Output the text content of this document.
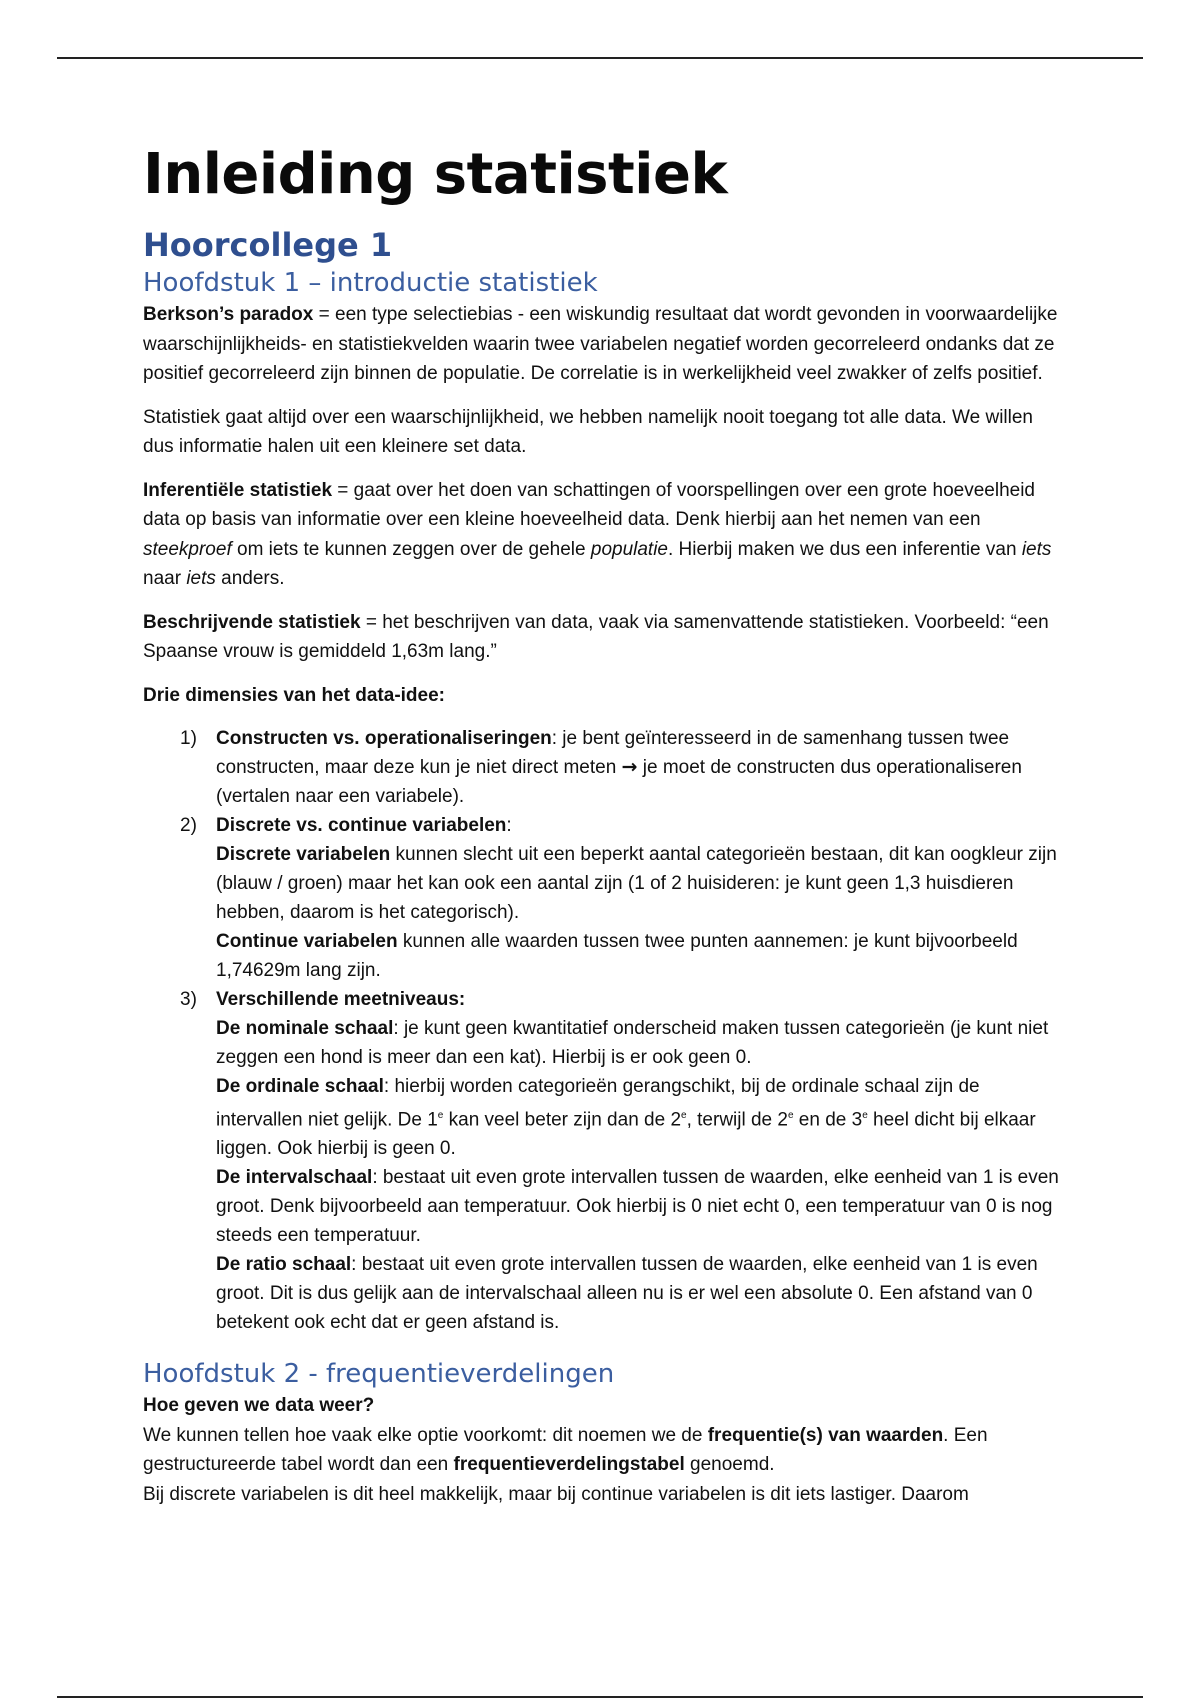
Inleiding statistiek
Hoorcollege 1
Hoofdstuk 1 – introductie statistiek

Berkson’s paradox = een type selectiebias - een wiskundig resultaat dat wordt gevonden in voorwaardelijke waarschijnlijkheids- en statistiekvelden waarin twee variabelen negatief worden gecorreleerd ondanks dat ze positief gecorreleerd zijn binnen de populatie. De correlatie is in werkelijkheid veel zwakker of zelfs positief.

Statistiek gaat altijd over een waarschijnlijkheid, we hebben namelijk nooit toegang tot alle data. We willen dus informatie halen uit een kleinere set data.

Inferentiële statistiek = gaat over het doen van schattingen of voorspellingen over een grote hoeveelheid data op basis van informatie over een kleine hoeveelheid data. Denk hierbij aan het nemen van een steekproef om iets te kunnen zeggen over de gehele populatie. Hierbij maken we dus een inferentie van iets naar iets anders.

Beschrijvende statistiek = het beschrijven van data, vaak via samenvattende statistieken. Voorbeeld: “een Spaanse vrouw is gemiddeld 1,63m lang.”

Drie dimensies van het data-idee:

1) Constructen vs. operationaliseringen: je bent geïnteresseerd in de samenhang tussen twee constructen, maar deze kun je niet direct meten → je moet de constructen dus operationaliseren (vertalen naar een variabele).
2) Discrete vs. continue variabelen:
Discrete variabelen kunnen slecht uit een beperkt aantal categorieën bestaan, dit kan oogkleur zijn (blauw / groen) maar het kan ook een aantal zijn (1 of 2 huisideren: je kunt geen 1,3 huisdieren hebben, daarom is het categorisch).
Continue variabelen kunnen alle waarden tussen twee punten aannemen: je kunt bijvoorbeeld 1,74629m lang zijn.
3) Verschillende meetniveaus:
De nominale schaal: je kunt geen kwantitatief onderscheid maken tussen categorieën (je kunt niet zeggen een hond is meer dan een kat). Hierbij is er ook geen 0.
De ordinale schaal: hierbij worden categorieën gerangschikt, bij de ordinale schaal zijn de intervallen niet gelijk. De 1e kan veel beter zijn dan de 2e, terwijl de 2e en de 3e heel dicht bij elkaar liggen. Ook hierbij is geen 0.
De intervalschaal: bestaat uit even grote intervallen tussen de waarden, elke eenheid van 1 is even groot. Denk bijvoorbeeld aan temperatuur. Ook hierbij is 0 niet echt 0, een temperatuur van 0 is nog steeds een temperatuur.
De ratio schaal: bestaat uit even grote intervallen tussen de waarden, elke eenheid van 1 is even groot. Dit is dus gelijk aan de intervalschaal alleen nu is er wel een absolute 0. Een afstand van 0 betekent ook echt dat er geen afstand is.
Hoofdstuk 2 - frequentieverdelingen

Hoe geven we data weer?

We kunnen tellen hoe vaak elke optie voorkomt: dit noemen we de frequentie(s) van waarden. Een gestructureerde tabel wordt dan een frequentieverdelingstabel genoemd.

Bij discrete variabelen is dit heel makkelijk, maar bij continue variabelen is dit iets lastiger. Daarom
